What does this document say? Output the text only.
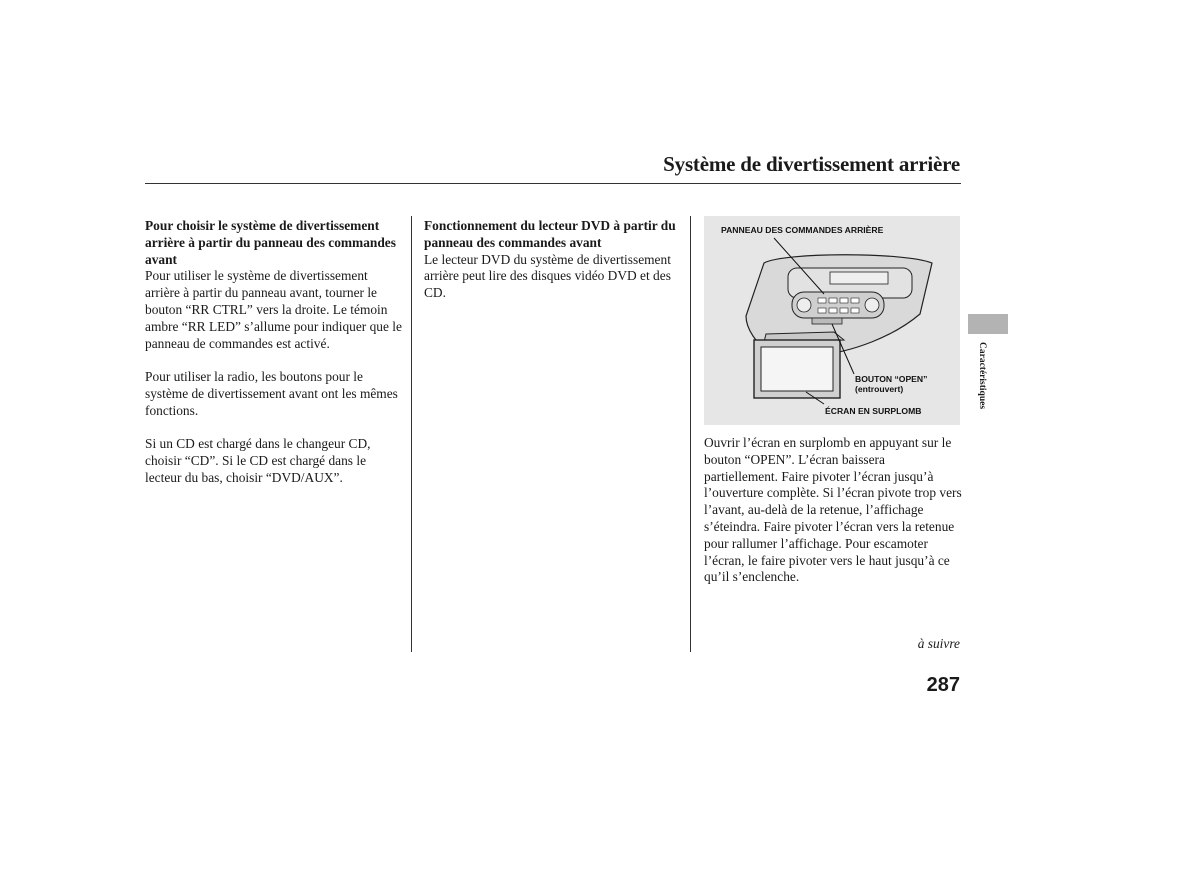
Système de divertissement arrière

Pour choisir le système de divertissement arrière à partir du panneau des commandes avant

Pour utiliser le système de divertissement arrière à partir du panneau avant, tourner le bouton “RR CTRL” vers la droite. Le témoin ambre “RR LED” s’allume pour indiquer que le panneau de commandes est activé.

Pour utiliser la radio, les boutons pour le système de divertissement avant ont les mêmes fonctions.

Si un CD est chargé dans le changeur CD, choisir “CD”. Si le CD est chargé dans le lecteur du bas, choisir “DVD/AUX”.

Fonctionnement du lecteur DVD à partir du panneau des commandes avant

Le lecteur DVD du système de divertissement arrière peut lire des disques vidéo DVD et des CD.

PANNEAU DES COMMANDES ARRIÈRE
BOUTON “OPEN”
(entrouvert)
ÉCRAN EN SURPLOMB

Ouvrir l’écran en surplomb en appuyant sur le bouton “OPEN”. L’écran baissera partiellement. Faire pivoter l’écran jusqu’à l’ouverture complète. Si l’écran pivote trop vers l’avant, au-delà de la retenue, l’affichage s’éteindra. Faire pivoter l’écran vers la retenue pour rallumer l’affichage. Pour escamoter l’écran, le faire pivoter vers le haut jusqu’à ce qu’il s’enclenche.

Caractéristiques
à suivre
287
